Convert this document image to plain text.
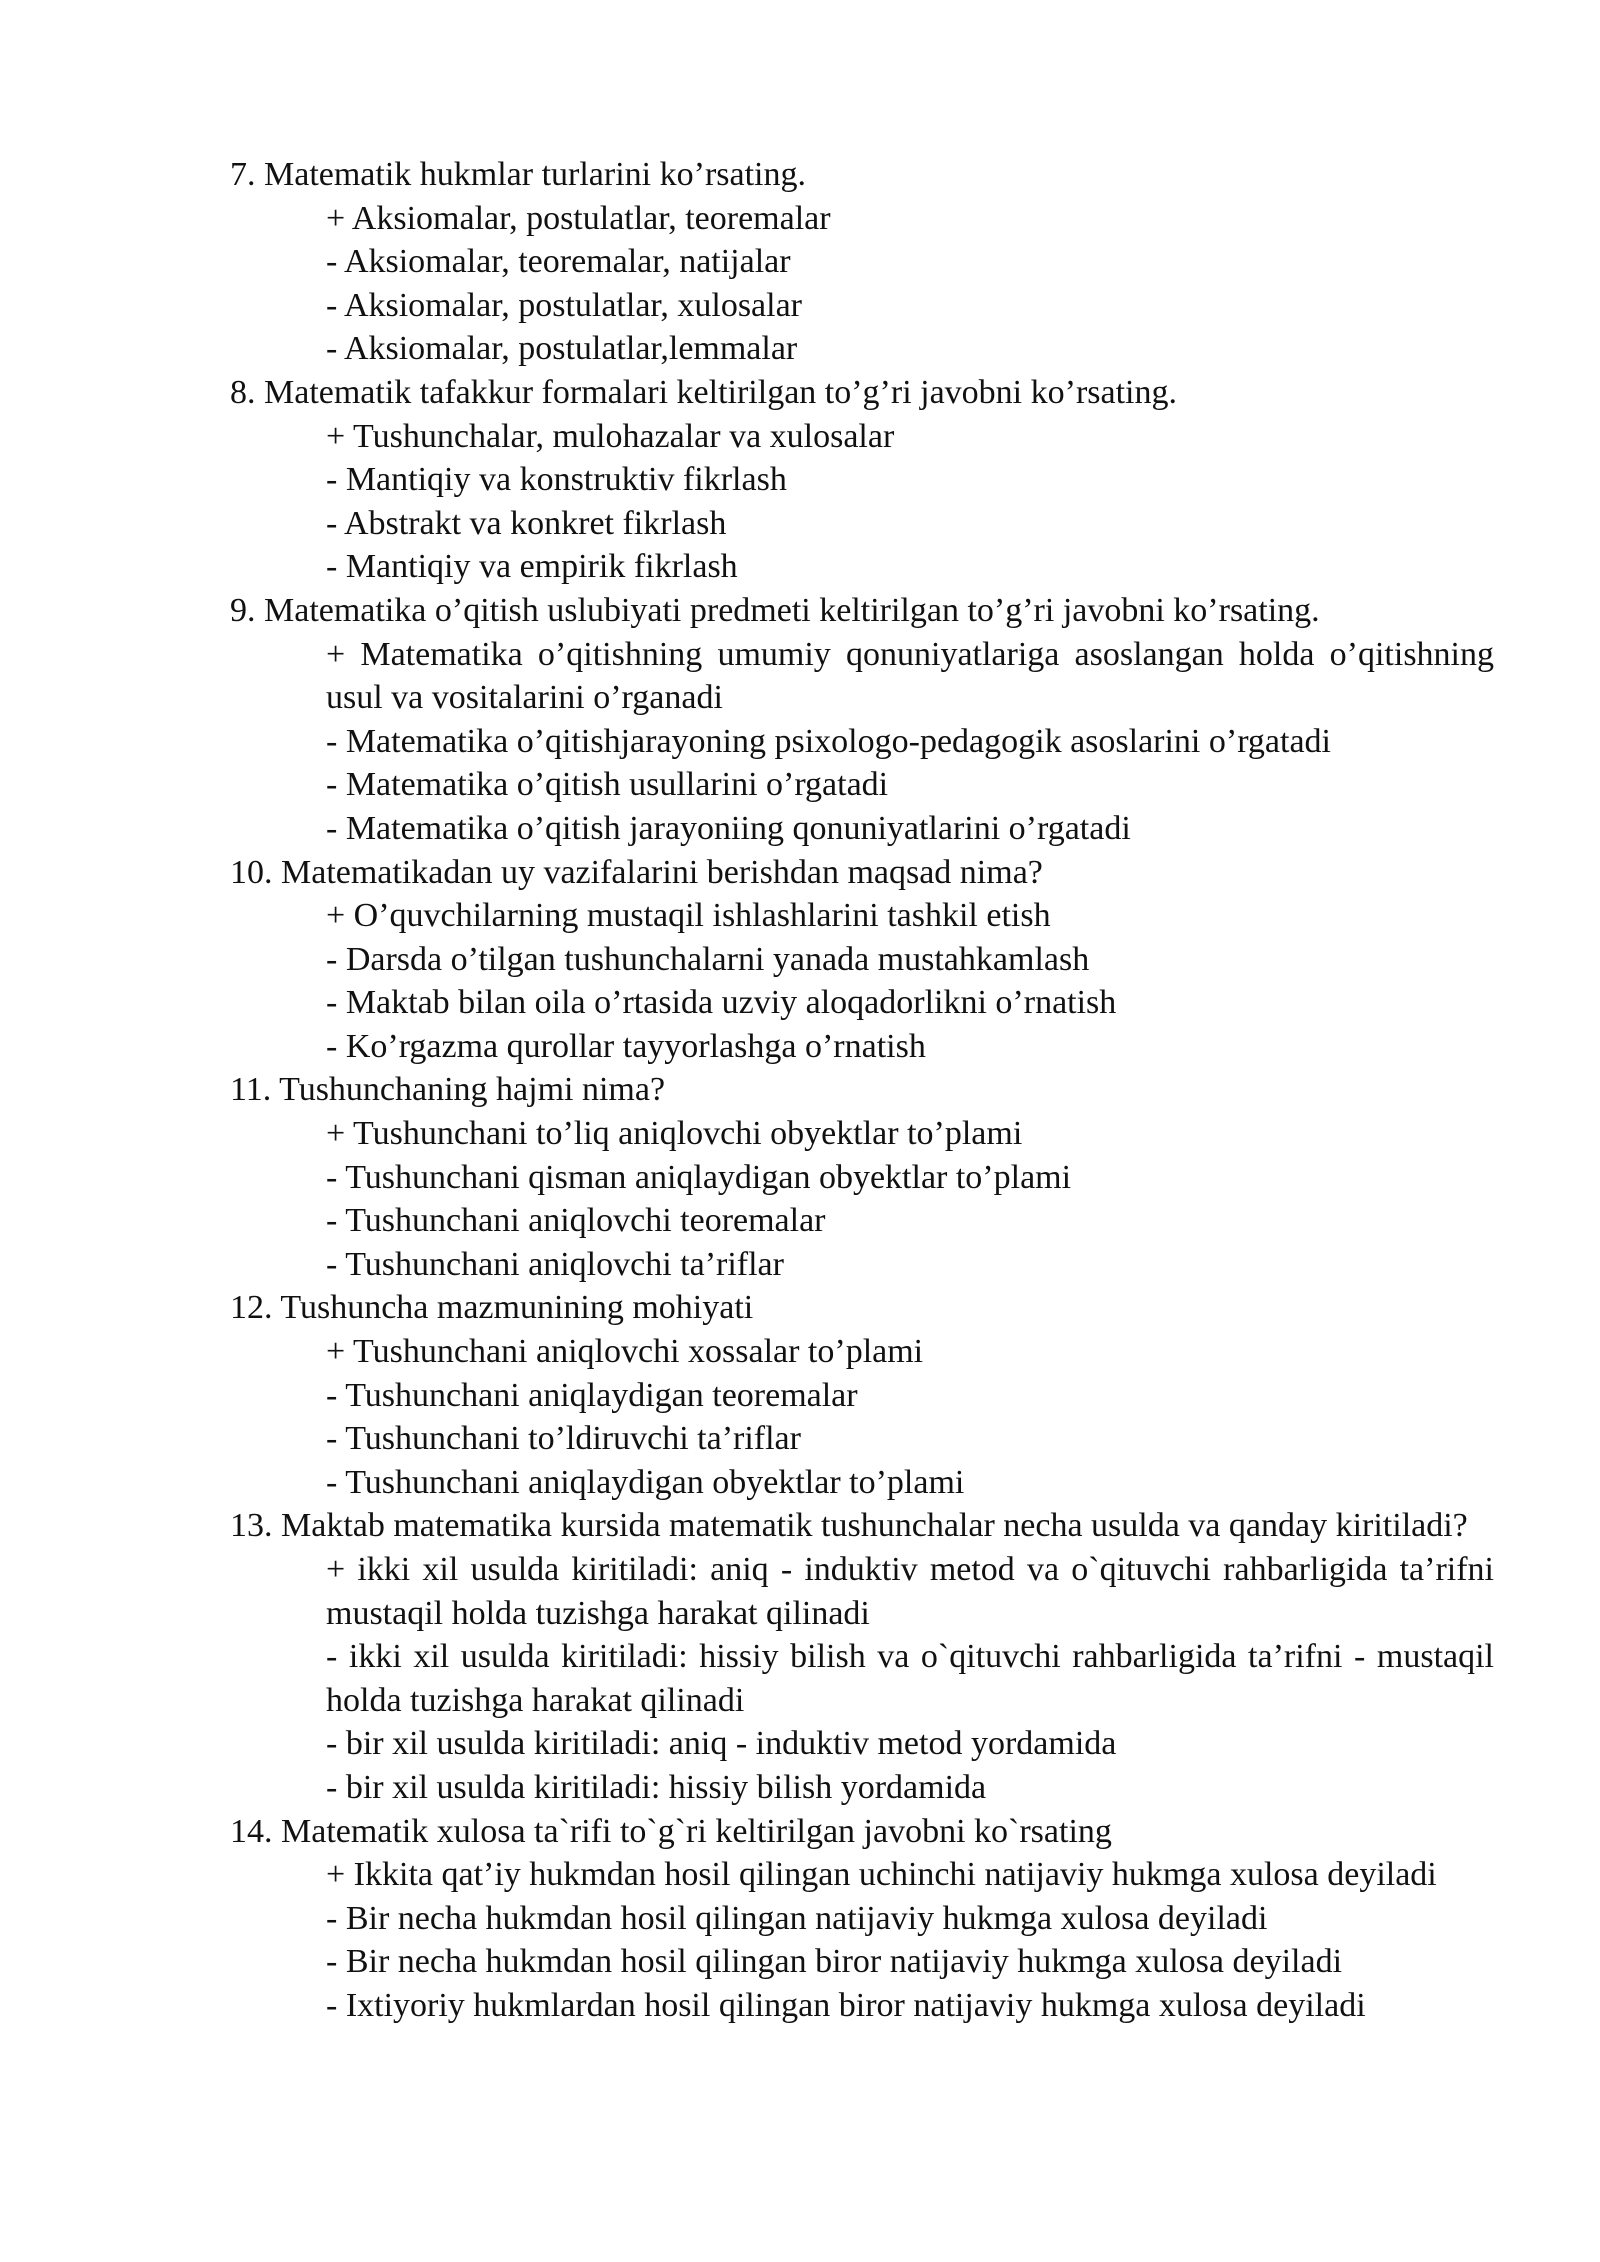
7. Matematik hukmlar turlarini ko’rsating.

+ Aksiomalar, postulatlar, teoremalar

- Aksiomalar, teoremalar, natijalar

- Aksiomalar, postulatlar, xulosalar

- Aksiomalar, postulatlar,lemmalar

8. Matematik tafakkur formalari keltirilgan to’g’ri javobni ko’rsating.

+ Tushunchalar, mulohazalar va xulosalar

- Mantiqiy va konstruktiv fikrlash

- Abstrakt va konkret fikrlash

- Mantiqiy va empirik fikrlash

9. Matematika o’qitish uslubiyati predmeti keltirilgan to’g’ri javobni ko’rsating.

+ Matematika o’qitishning umumiy qonuniyatlariga asoslangan holda o’qitishning usul va vositalarini o’rganadi

- Matematika o’qitishjarayoning psixologo-pedagogik asoslarini o’rgatadi

- Matematika o’qitish usullarini o’rgatadi

- Matematika o’qitish jarayoniing qonuniyatlarini o’rgatadi

10. Matematikadan uy vazifalarini berishdan maqsad nima?

+ O’quvchilarning mustaqil ishlashlarini tashkil etish

- Darsda o’tilgan tushunchalarni yanada mustahkamlash

- Maktab bilan oila o’rtasida uzviy aloqadorlikni o’rnatish

- Ko’rgazma qurollar tayyorlashga o’rnatish

11. Tushunchaning hajmi nima?

+ Tushunchani to’liq aniqlovchi obyektlar to’plami

- Tushunchani qisman aniqlaydigan obyektlar to’plami

- Tushunchani aniqlovchi teoremalar

- Tushunchani aniqlovchi ta’riflar

12. Tushuncha mazmunining mohiyati

+ Tushunchani aniqlovchi xossalar to’plami

- Tushunchani aniqlaydigan teoremalar

- Tushunchani to’ldiruvchi ta’riflar

- Tushunchani aniqlaydigan obyektlar to’plami

13. Maktab matematika kursida matematik tushunchalar necha usulda va qanday kiritiladi?

+ ikki xil usulda kiritiladi: aniq - induktiv metod va o`qituvchi rahbarligida ta’rifni mustaqil holda tuzishga harakat qilinadi

- ikki xil usulda kiritiladi: hissiy bilish va o`qituvchi rahbarligida ta’rifni - mustaqil holda tuzishga harakat qilinadi

- bir xil usulda kiritiladi: aniq - induktiv metod yordamida

- bir xil usulda kiritiladi: hissiy bilish yordamida

14. Matematik xulosa ta`rifi to`g`ri keltirilgan javobni ko`rsating

+ Ikkita qat’iy hukmdan hosil qilingan uchinchi natijaviy hukmga xulosa deyiladi

- Bir necha hukmdan hosil qilingan natijaviy hukmga xulosa deyiladi

- Bir necha hukmdan hosil qilingan biror natijaviy hukmga xulosa deyiladi

- Ixtiyoriy hukmlardan hosil qilingan biror natijaviy hukmga xulosa deyiladi
